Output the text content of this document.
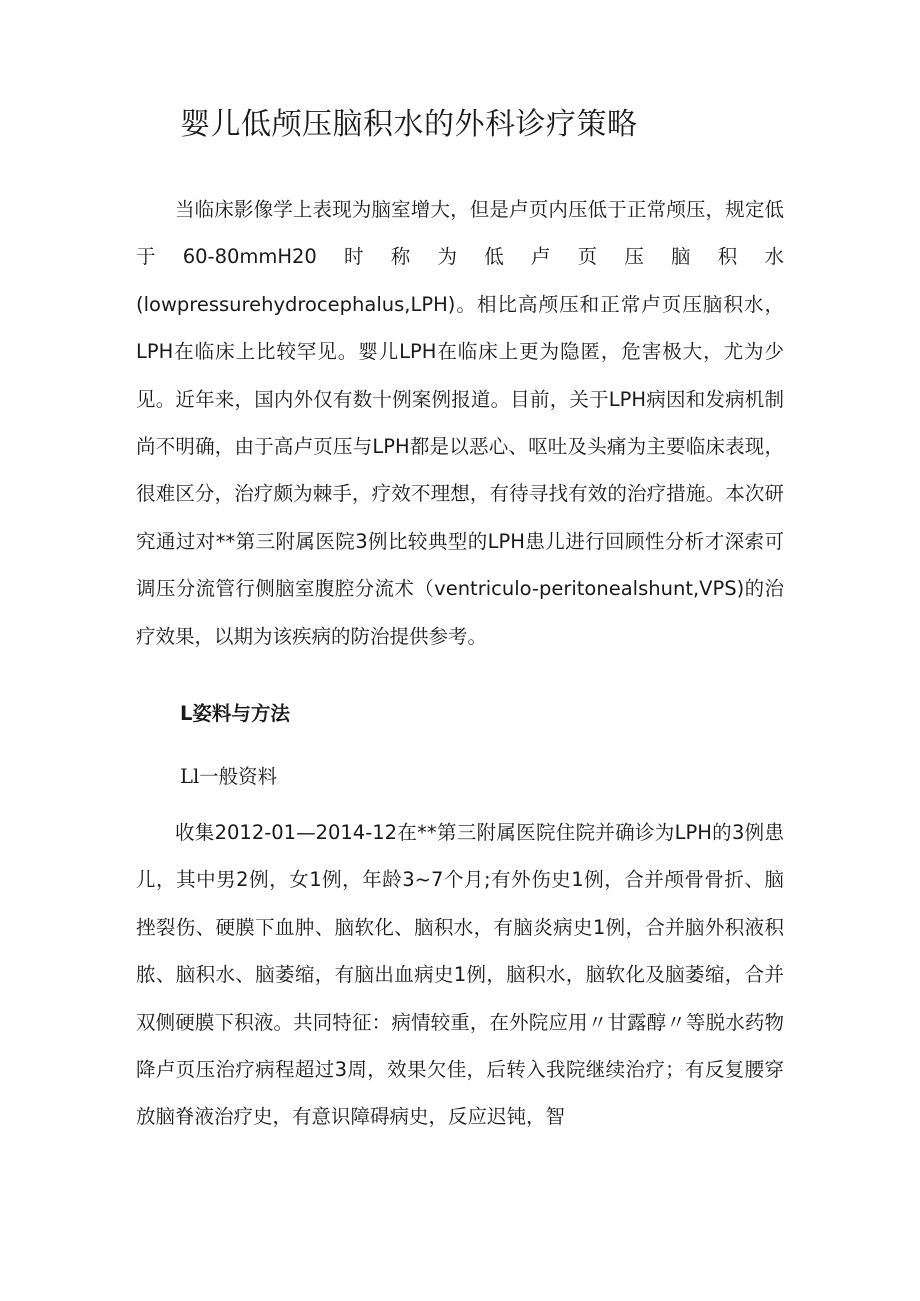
婴儿低颅压脑积水的外科诊疗策略

当临床影像学上表现为脑室增大，但是卢页内压低于正常颅压，规定低于60-80mmH20时称为低卢页压脑积水(lowpressurehydrocephalus,LPH)。相比高颅压和正常卢页压脑积水，LPH在临床上比较罕见。婴儿LPH在临床上更为隐匿，危害极大，尤为少见。近年来，国内外仅有数十例案例报道。目前，关于LPH病因和发病机制尚不明确，由于高卢页压与LPH都是以恶心、呕吐及头痛为主要临床表现，很难区分，治疗颇为棘手，疗效不理想，有待寻找有效的治疗措施。本次研究通过对**第三附属医院3例比较典型的LPH患儿进行回顾性分析才深索可调压分流管行侧脑室腹腔分流术（ventriculo-peritonealshunt,VPS)的治疗效果，以期为该疾病的防治提供参考。

L姿料与方法
Ll一般资料

收集2012-01—2014-12在**第三附属医院住院并确诊为LPH的3例患儿，其中男2例，女1例，年龄3~7个月;有外伤史1例，合并颅骨骨折、脑挫裂伤、硬膜下血肿、脑软化、脑积水，有脑炎病史1例，合并脑外积液积脓、脑积水、脑萎缩，有脑出血病史1例，脑积水，脑软化及脑萎缩，合并双侧硬膜下积液。共同特征：病情较重，在外院应用〃甘露醇〃等脱水药物降卢页压治疗病程超过3周，效果欠佳，后转入我院继续治疗；有反复腰穿放脑脊液治疗史，有意识障碍病史，反应迟钝，智
